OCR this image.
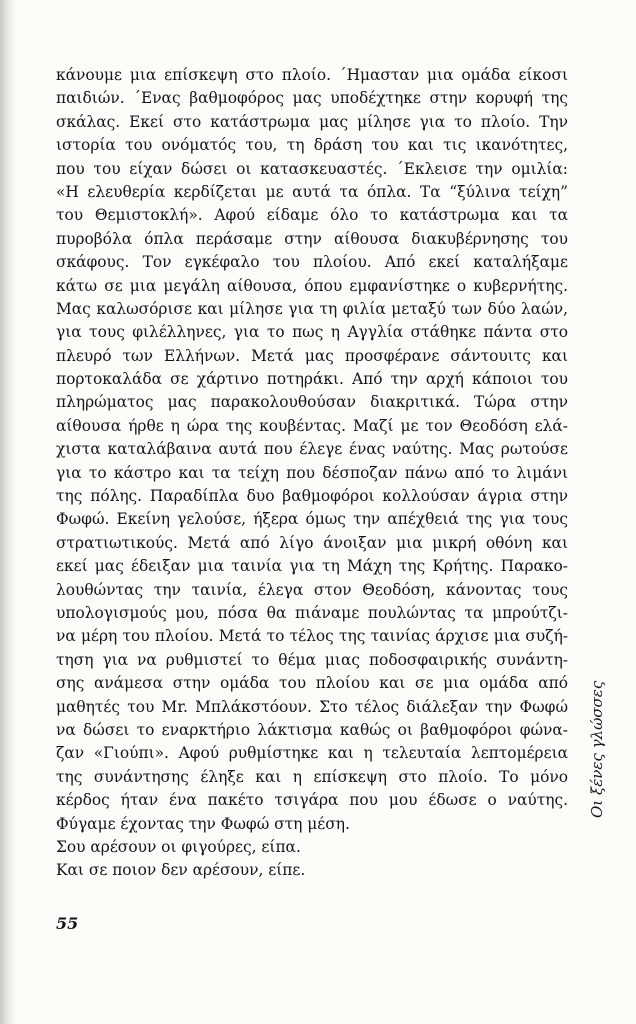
κάνουμε μια επίσκεψη στο πλοίο. ΄Ημασταν μια ομάδα είκοσι
παιδιών. ΄Ενας βαθμοφόρος μας υποδέχτηκε στην κορυφή της
σκάλας. Εκεί στο κατάστρωμα μας μίλησε για το πλοίο. Την
ιστορία του ονόματός του, τη δράση του και τις ικανότητες,
που του είχαν δώσει οι κατασκευαστές. ΄Εκλεισε την ομιλία:
«Η ελευθερία κερδίζεται με αυτά τα όπλα. Τα “ξύλινα τείχη”
του Θεμιστοκλή». Αφού είδαμε όλο το κατάστρωμα και τα
πυροβόλα όπλα περάσαμε στην αίθουσα διακυβέρνησης του
σκάφους. Τον εγκέφαλο του πλοίου. Από εκεί καταλήξαμε
κάτω σε μια μεγάλη αίθουσα, όπου εμφανίστηκε ο κυβερνήτης.
Μας καλωσόρισε και μίλησε για τη φιλία μεταξύ των δύο λαών,
για τους φιλέλληνες, για το πως η Αγγλία στάθηκε πάντα στο
πλευρό των Ελλήνων. Μετά μας προσφέρανε σάντουιτς και
πορτοκαλάδα σε χάρτινο ποτηράκι. Από την αρχή κάποιοι του
πληρώματος μας παρακολουθούσαν διακριτικά. Τώρα στην
αίθουσα ήρθε η ώρα της κουβέντας. Μαζί με τον Θεοδόση ελά-
χιστα καταλάβαινα αυτά που έλεγε ένας ναύτης. Μας ρωτούσε
για το κάστρο και τα τείχη που δέσποζαν πάνω από το λιμάνι
της πόλης. Παραδίπλα δυο βαθμοφόροι κολλούσαν άγρια στην
Φωφώ. Εκείνη γελούσε, ήξερα όμως την απέχθειά της για τους
στρατιωτικούς. Μετά από λίγο άνοιξαν μια μικρή οθόνη και
εκεί μας έδειξαν μια ταινία για τη Μάχη της Κρήτης. Παρακο-
λουθώντας την ταινία, έλεγα στον Θεοδόση, κάνοντας τους
υπολογισμούς μου, πόσα θα πιάναμε πουλώντας τα μπρούτζι-
να μέρη του πλοίου. Μετά το τέλος της ταινίας άρχισε μια συζή-
τηση για να ρυθμιστεί το θέμα μιας ποδοσφαιρικής συνάντη-
σης ανάμεσα στην ομάδα του πλοίου και σε μια ομάδα από
μαθητές του Μr. Μπλάκστόουν. Στο τέλος διάλεξαν την Φωφώ
να δώσει το εναρκτήριο λάκτισμα καθώς οι βαθμοφόροι φώνα-
ζαν «Γιούπι». Αφού ρυθμίστηκε και η τελευταία λεπτομέρεια
της συνάντησης έληξε και η επίσκεψη στο πλοίο. Το μόνο
κέρδος ήταν ένα πακέτο τσιγάρα που μου έδωσε ο ναύτης.
Φύγαμε έχοντας την Φωφώ στη μέση.
Σου αρέσουν οι φιγούρες, είπα.
Και σε ποιον δεν αρέσουν, είπε.
55
Οι ξένες γλώσσες
